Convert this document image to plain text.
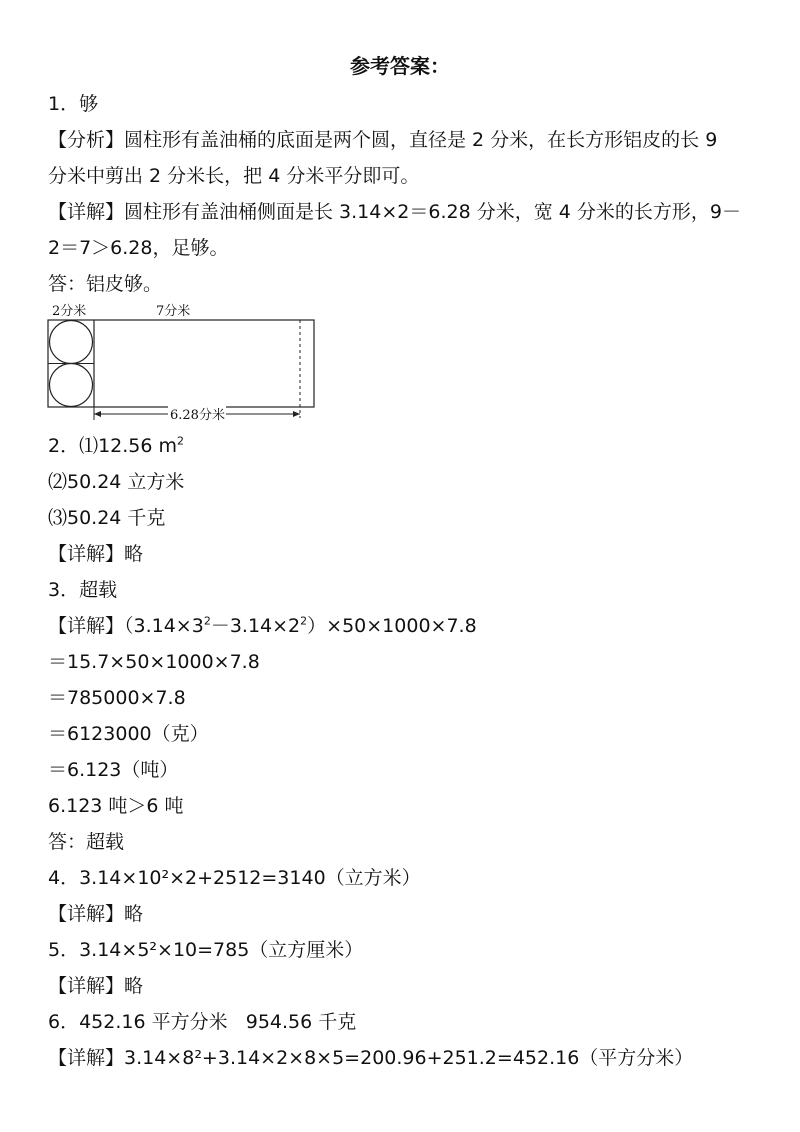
参考答案：
1．够
【分析】圆柱形有盖油桶的底面是两个圆，直径是 2 分米，在长方形铝皮的长 9
分米中剪出 2 分米长，把 4 分米平分即可。
【详解】圆柱形有盖油桶侧面是长 3.14×2＝6.28 分米，宽 4 分米的长方形，9－
2＝7＞6.28，足够。
答：铝皮够。
2分米	7分米
6.28分米
2．⑴12.56 $m^2$
⑵50.24 立方米
⑶50.24 千克
【详解】略
3．超载
【详解】$(3.14\times 3^2-3.14\times 2^2)\times 50\times 1000\times 7.8$
＝15.7×50×1000×7.8
＝785000×7.8
＝6123000（克）
＝6.123（吨）
6.123 吨＞6 吨
答：超载
4．3.14×10²×2+2512=3140（立方米）
【详解】略
5．3.14×5²×10=785（立方厘米）
【详解】略
6．452.16 平方分米   954.56 千克
【详解】3.14×8²+3.14×2×8×5=200.96+251.2=452.16（平方分米）
